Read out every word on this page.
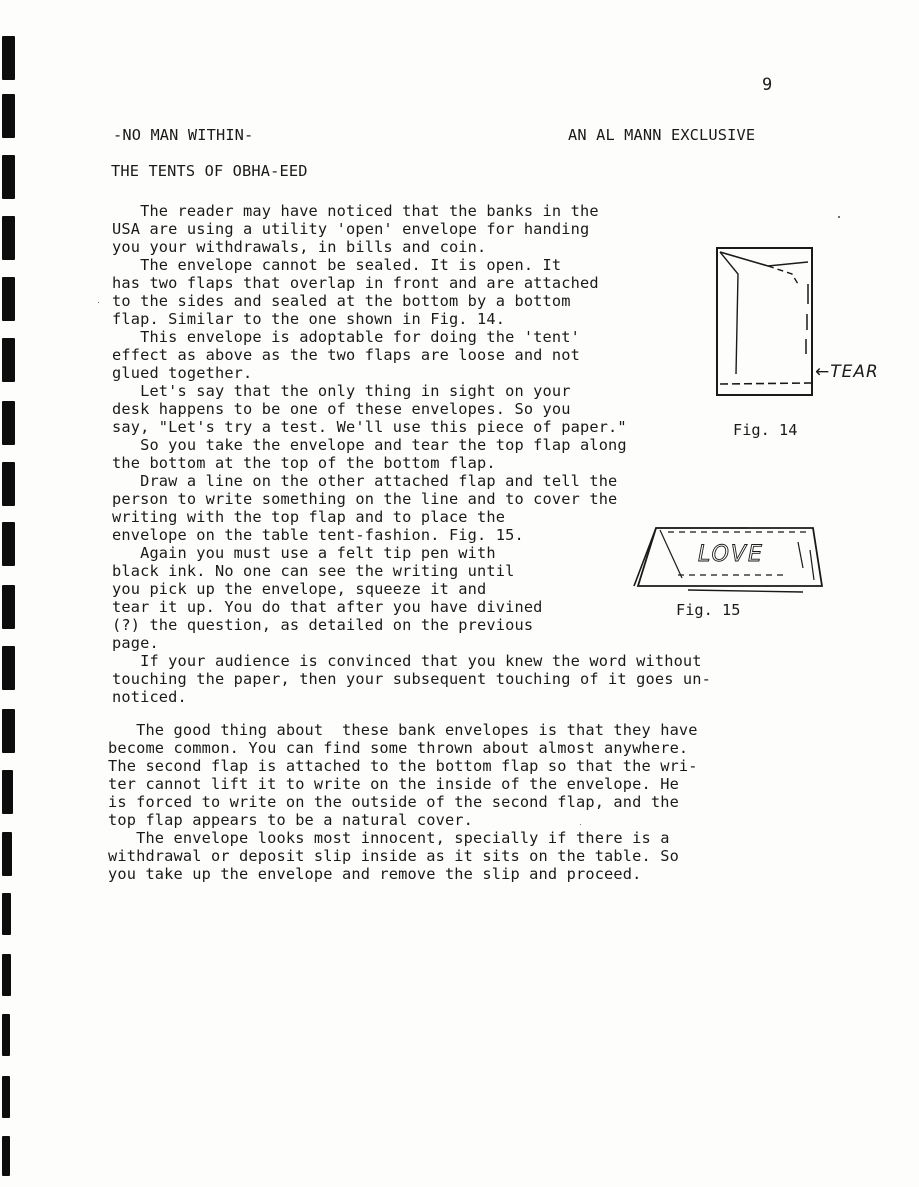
9
-NO MAN WITHIN-	AN AL MANN EXCLUSIVE
THE TENTS OF OBHA-EED
The reader may have noticed that the banks in the
USA are using a utility 'open' envelope for handing
you your withdrawals, in bills and coin.
The envelope cannot be sealed. It is open. It
has two flaps that overlap in front and are attached
to the sides and sealed at the bottom by a bottom
flap. Similar to the one shown in Fig. 14.
This envelope is adoptable for doing the 'tent'
effect as above as the two flaps are loose and not
glued together.
Let's say that the only thing in sight on your
desk happens to be one of these envelopes. So you
say, "Let's try a test. We'll use this piece of paper."
So you take the envelope and tear the top flap along
the bottom at the top of the bottom flap.
Draw a line on the other attached flap and tell the
person to write something on the line and to cover the
writing with the top flap and to place the
envelope on the table tent-fashion. Fig. 15.
Again you must use a felt tip pen with
black ink. No one can see the writing until
you pick up the envelope, squeeze it and
tear it up. You do that after you have divined
(?) the question, as detailed on the previous
page.
If your audience is convinced that you knew the word without
touching the paper, then your subsequent touching of it goes un-
noticed.
The good thing about  these bank envelopes is that they have
become common. You can find some thrown about almost anywhere.
The second flap is attached to the bottom flap so that the wri-
ter cannot lift it to write on the inside of the envelope. He
is forced to write on the outside of the second flap, and the
top flap appears to be a natural cover.
The envelope looks most innocent, specially if there is a
withdrawal or deposit slip inside as it sits on the table. So
you take up the envelope and remove the slip and proceed.
←TEAR
Fig. 14
LOVE
Fig. 15
